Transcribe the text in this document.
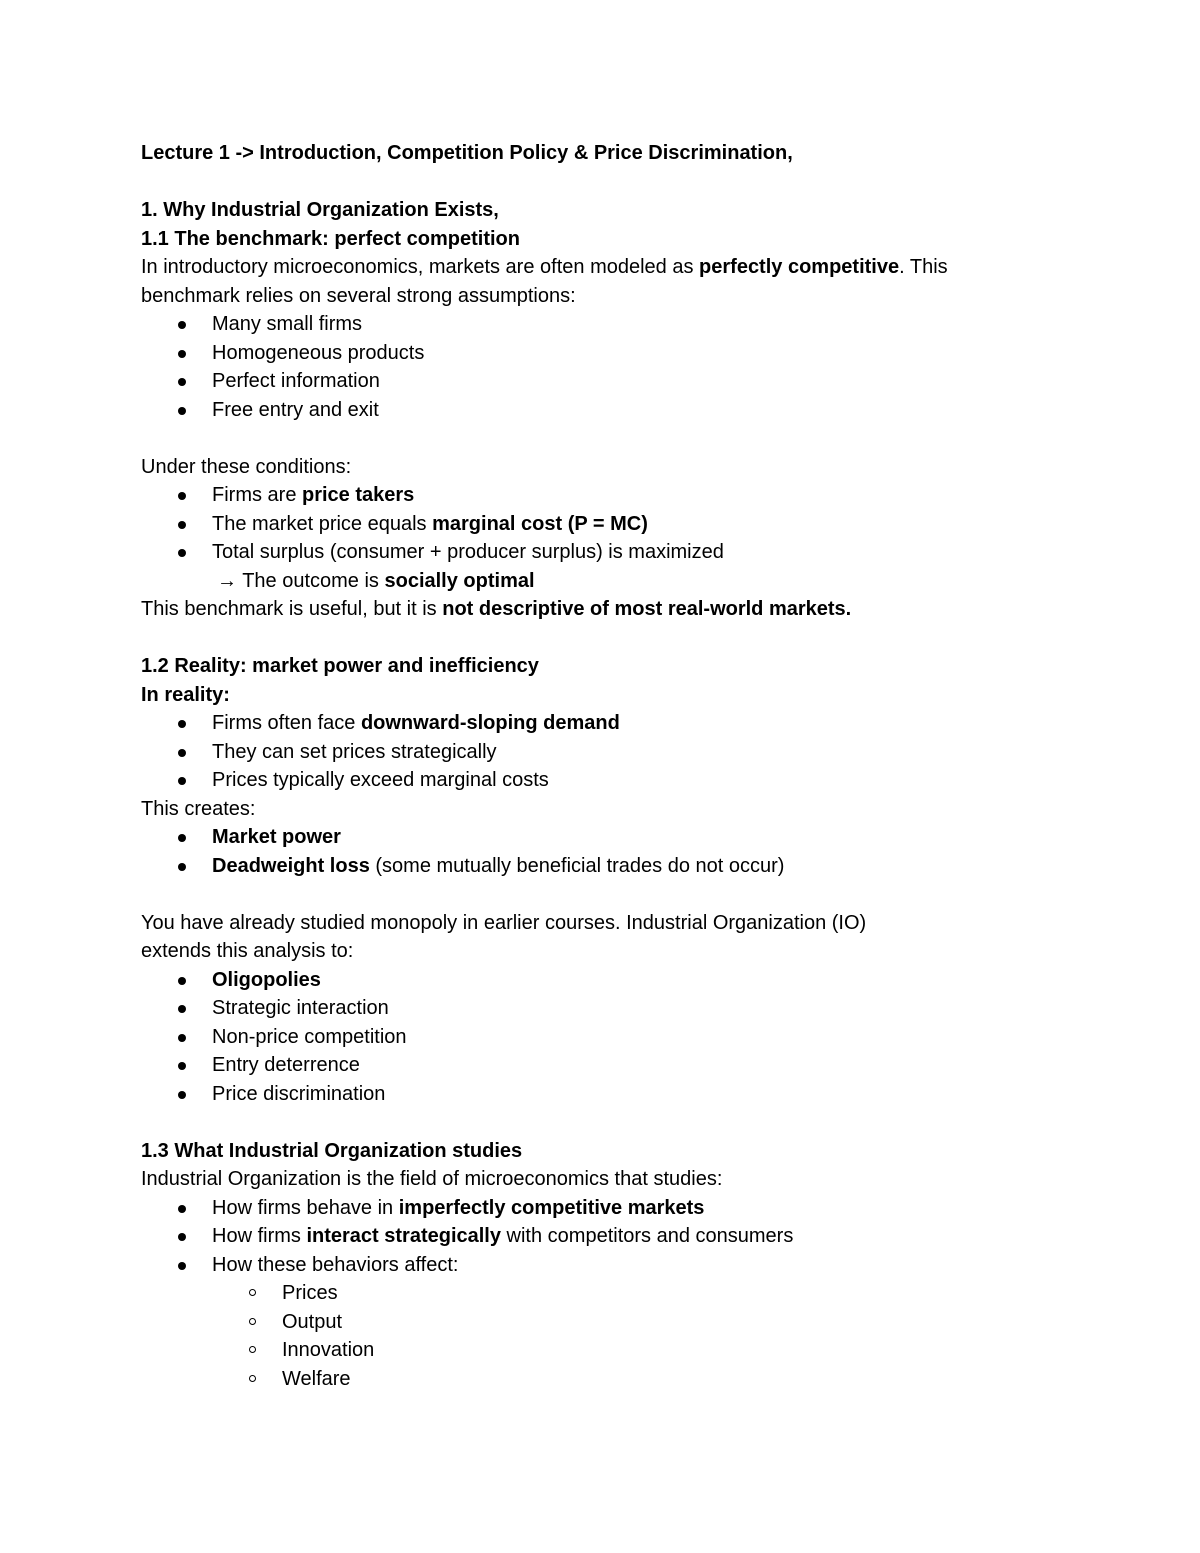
Lecture 1 -> Introduction, Competition Policy & Price Discrimination,
1. Why Industrial Organization Exists,
1.1 The benchmark: perfect competition
In introductory microeconomics, markets are often modeled as perfectly competitive. This
benchmark relies on several strong assumptions:
Many small firms
Homogeneous products
Perfect information
Free entry and exit
Under these conditions:
Firms are price takers
The market price equals marginal cost (P = MC)
Total surplus (consumer + producer surplus) is maximized
→ The outcome is socially optimal
This benchmark is useful, but it is not descriptive of most real-world markets.
1.2 Reality: market power and inefficiency
In reality:
Firms often face downward-sloping demand
They can set prices strategically
Prices typically exceed marginal costs
This creates:
Market power
Deadweight loss (some mutually beneficial trades do not occur)
You have already studied monopoly in earlier courses. Industrial Organization (IO)
extends this analysis to:
Oligopolies
Strategic interaction
Non-price competition
Entry deterrence
Price discrimination
1.3 What Industrial Organization studies
Industrial Organization is the field of microeconomics that studies:
How firms behave in imperfectly competitive markets
How firms interact strategically with competitors and consumers
How these behaviors affect:
Prices
Output
Innovation
Welfare
